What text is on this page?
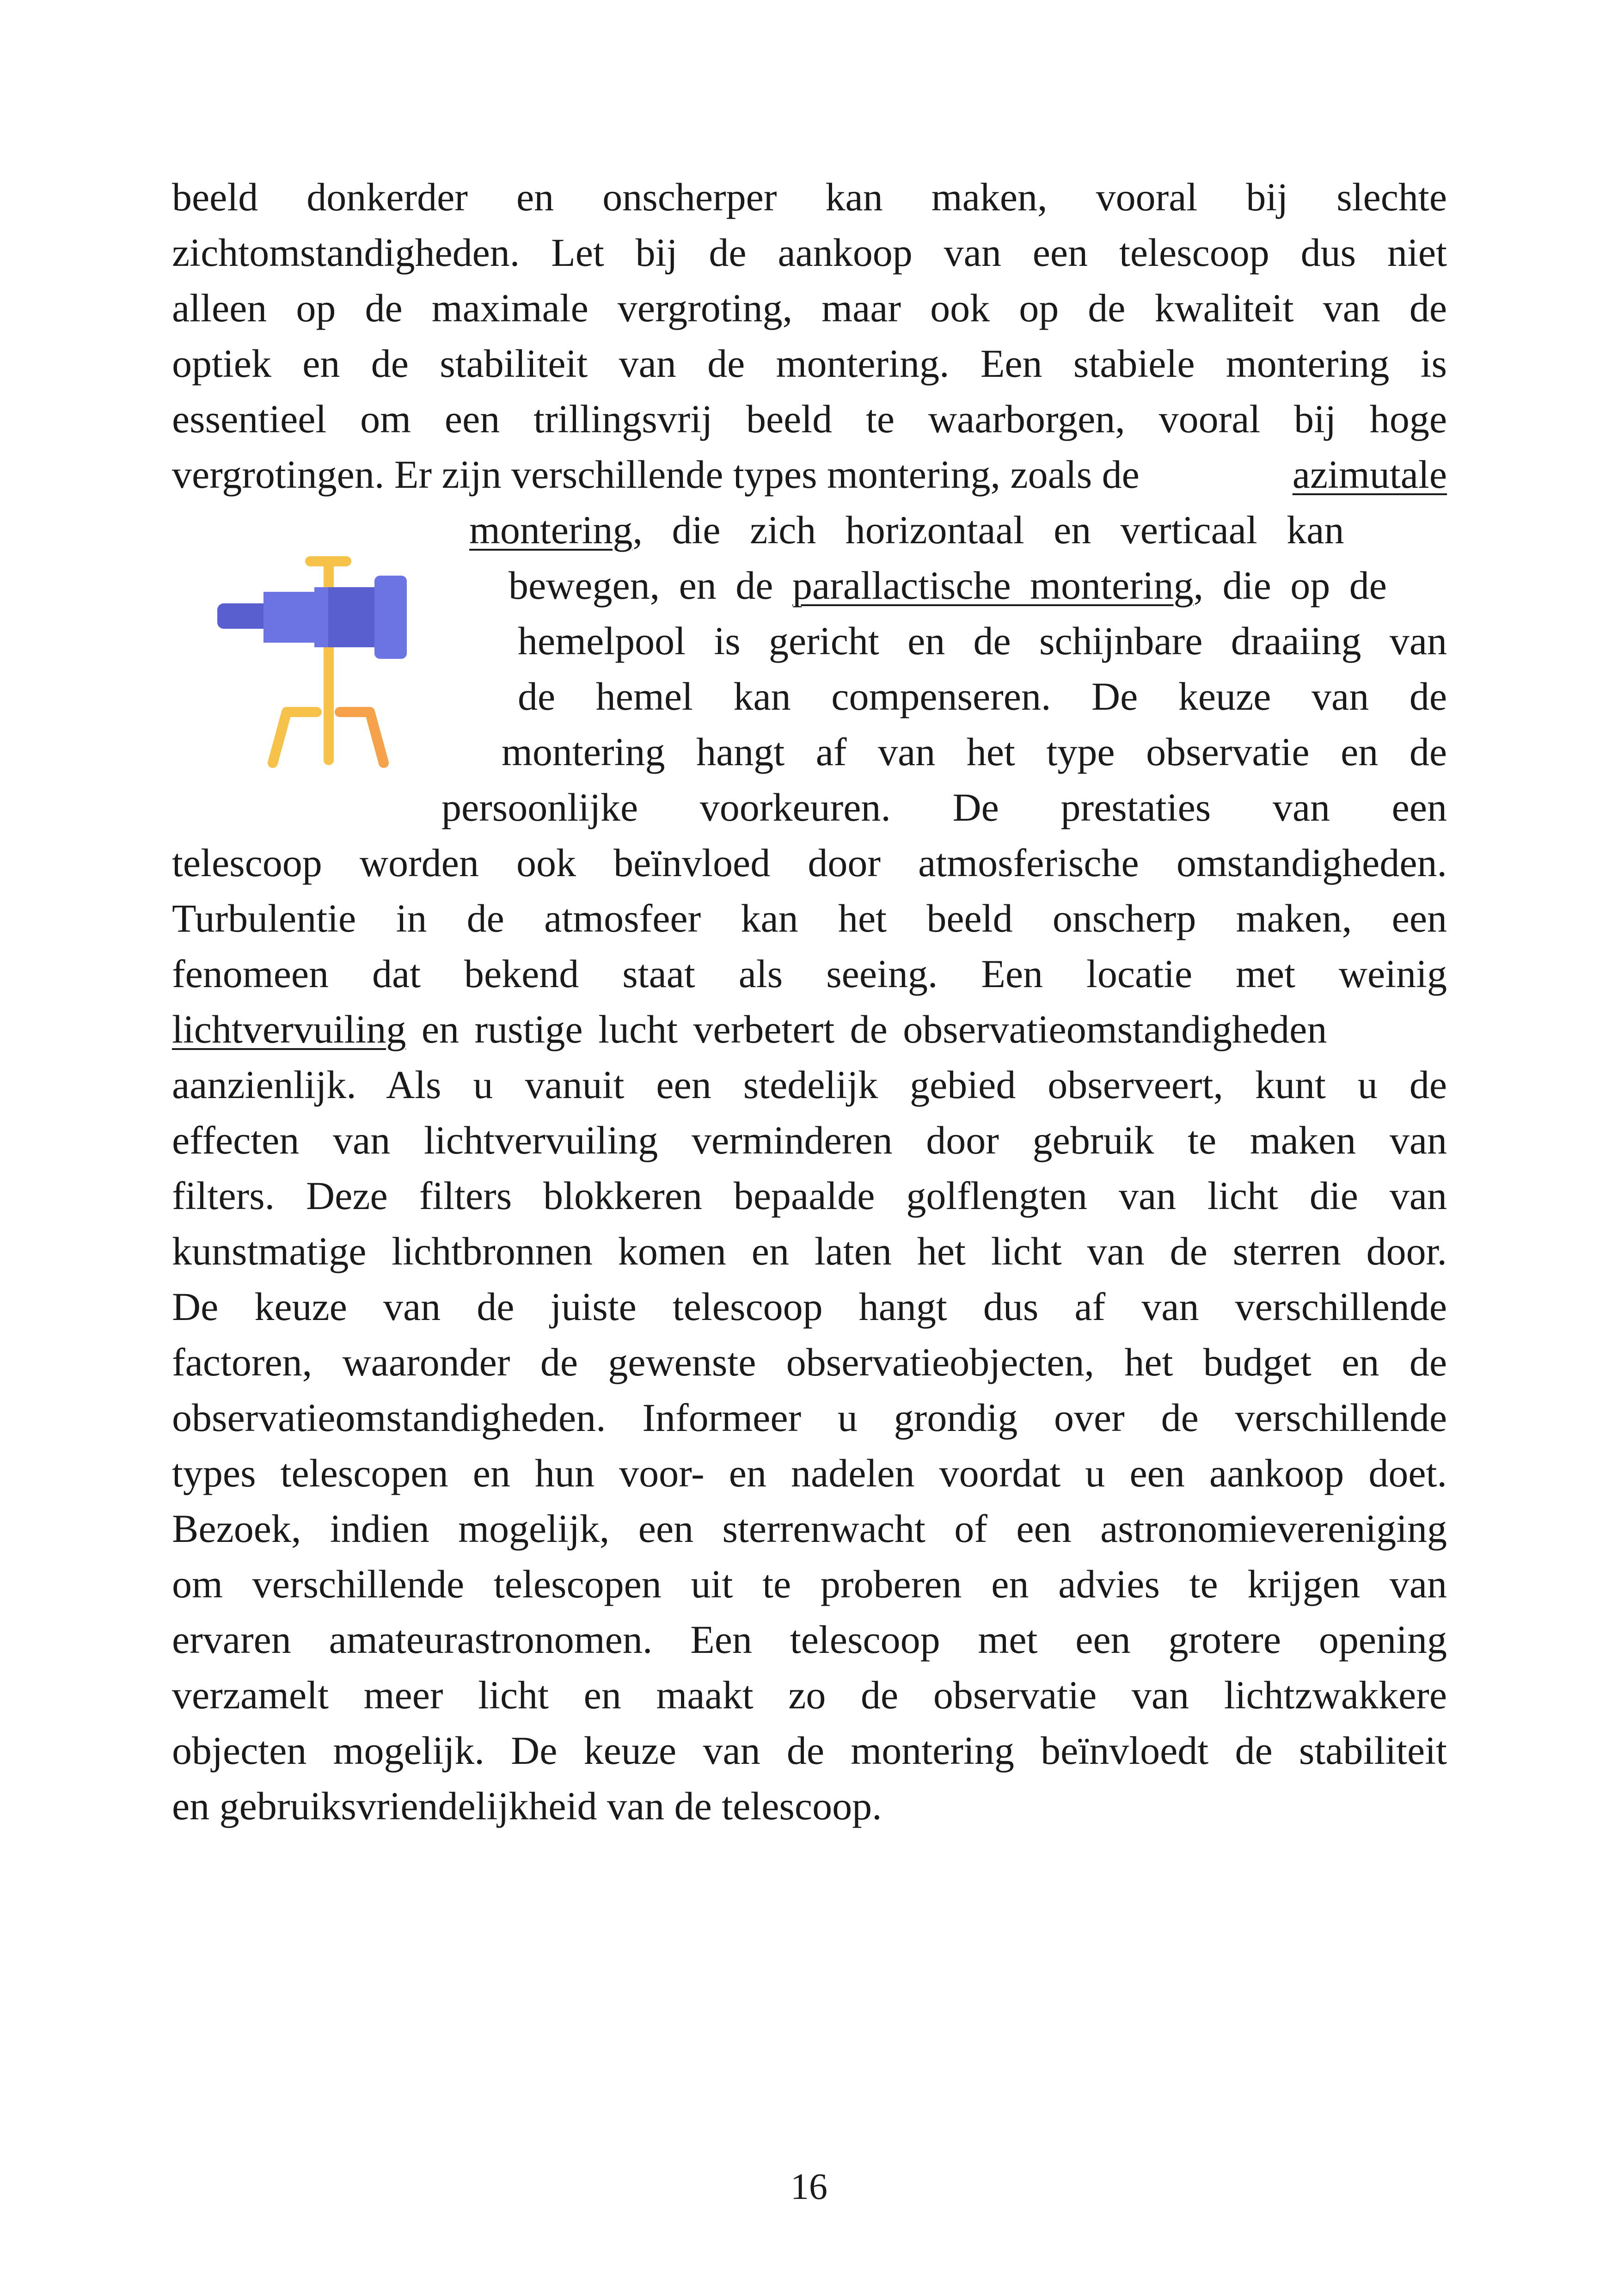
beeld donkerder en onscherper kan maken, vooral bij slechte
zichtomstandigheden. Let bij de aankoop van een telescoop dus niet
alleen op de maximale vergroting, maar ook op de kwaliteit van de
optiek en de stabiliteit van de montering. Een stabiele montering is
essentieel om een trillingsvrij beeld te waarborgen, vooral bij hoge
vergrotingen. Er zijn verschillende types montering, zoals de	azimutale
montering, die zich horizontaal en verticaal kan
bewegen, en de parallactische montering, die op de
hemelpool is gericht en de schijnbare draaiing van
de hemel kan compenseren. De keuze van de
montering hangt af van het type observatie en de
persoonlijke voorkeuren. De prestaties van een
telescoop worden ook beïnvloed door atmosferische omstandigheden.
Turbulentie in de atmosfeer kan het beeld onscherp maken, een
fenomeen dat bekend staat als seeing. Een locatie met weinig
lichtvervuiling en rustige lucht verbetert de observatieomstandigheden
aanzienlijk. Als u vanuit een stedelijk gebied observeert, kunt u de
effecten van lichtvervuiling verminderen door gebruik te maken van
filters. Deze filters blokkeren bepaalde golflengten van licht die van
kunstmatige lichtbronnen komen en laten het licht van de sterren door.
De keuze van de juiste telescoop hangt dus af van verschillende
factoren, waaronder de gewenste observatieobjecten, het budget en de
observatieomstandigheden. Informeer u grondig over de verschillende
types telescopen en hun voor- en nadelen voordat u een aankoop doet.
Bezoek, indien mogelijk, een sterrenwacht of een astronomievereniging
om verschillende telescopen uit te proberen en advies te krijgen van
ervaren amateurastronomen. Een telescoop met een grotere opening
verzamelt meer licht en maakt zo de observatie van lichtzwakkere
objecten mogelijk. De keuze van de montering beïnvloedt de stabiliteit
en gebruiksvriendelijkheid van de telescoop.
16
